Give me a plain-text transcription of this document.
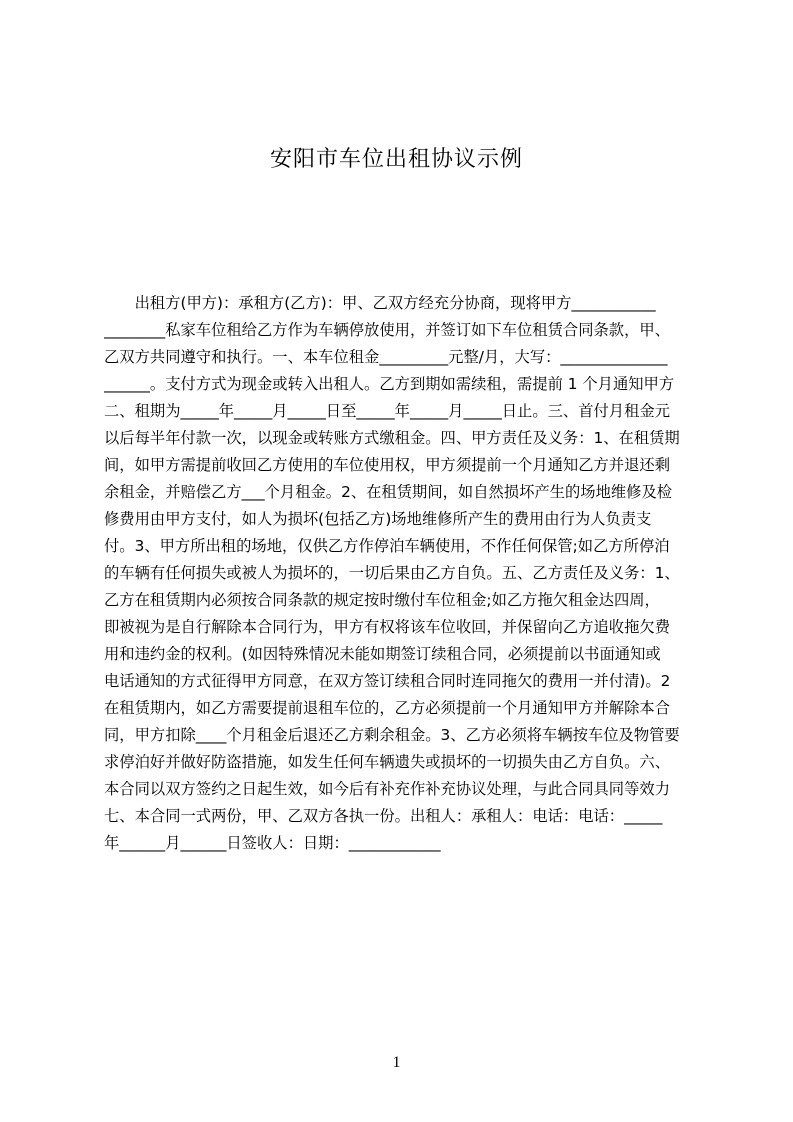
安阳市车位出租协议示例
　　出租方(甲方)：承租方(乙方)：甲、乙双方经充分协商，现将甲方___________
________私家车位租给乙方作为车辆停放使用，并签订如下车位租赁合同条款，甲、
乙双方共同遵守和执行。一、本车位租金_________元整/月，大写：______________
______。支付方式为现金或转入出租人。乙方到期如需续租，需提前 1 个月通知甲方
二、租期为_____年_____月_____日至_____年_____月_____日止。三、首付月租金元
以后每半年付款一次，以现金或转账方式缴租金。四、甲方责任及义务：1、在租赁期
间，如甲方需提前收回乙方使用的车位使用权，甲方须提前一个月通知乙方并退还剩
余租金，并赔偿乙方___个月租金。2、在租赁期间，如自然损坏产生的场地维修及检
修费用由甲方支付，如人为损坏(包括乙方)场地维修所产生的费用由行为人负责支
付。3、甲方所出租的场地，仅供乙方作停泊车辆使用，不作任何保管;如乙方所停泊
的车辆有任何损失或被人为损坏的，一切后果由乙方自负。五、乙方责任及义务：1、
乙方在租赁期内必须按合同条款的规定按时缴付车位租金;如乙方拖欠租金达四周，
即被视为是自行解除本合同行为，甲方有权将该车位收回，并保留向乙方追收拖欠费
用和违约金的权利。(如因特殊情况未能如期签订续租合同，必须提前以书面通知或
电话通知的方式征得甲方同意，在双方签订续租合同时连同拖欠的费用一并付清)。2
在租赁期内，如乙方需要提前退租车位的，乙方必须提前一个月通知甲方并解除本合
同，甲方扣除____个月租金后退还乙方剩余租金。3、乙方必须将车辆按车位及物管要
求停泊好并做好防盗措施，如发生任何车辆遗失或损坏的一切损失由乙方自负。六、
本合同以双方签约之日起生效，如今后有补充作补充协议处理，与此合同具同等效力
七、本合同一式两份，甲、乙双方各执一份。出租人：承租人：电话：电话：_____
年______月______日签收人：日期：____________
1
